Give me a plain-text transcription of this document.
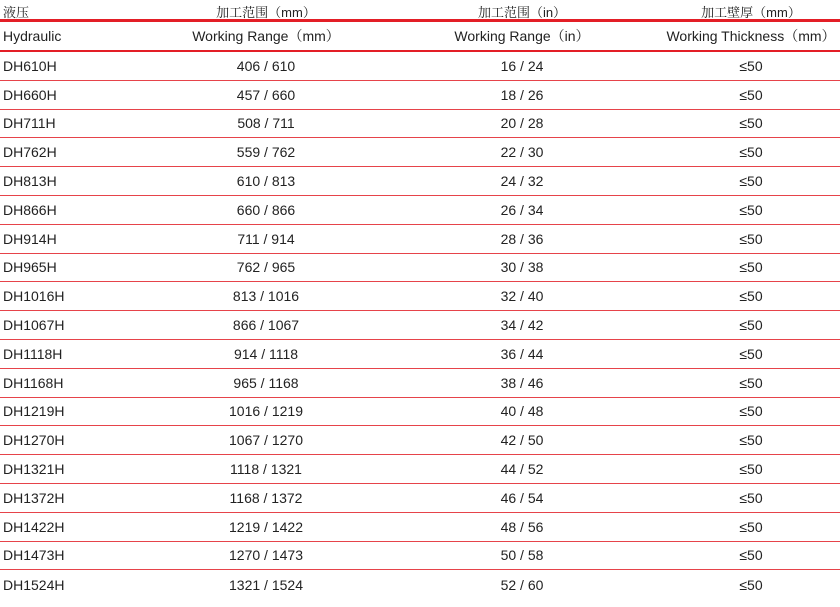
液压	加工范围（mm）	加工范围（in）	加工壁厚（mm）
Hydraulic	Working Range（mm）	Working Range（in）	Working Thickness（mm）
DH610H	406 / 610	16 / 24	≤50
DH660H	457 / 660	18 / 26	≤50
DH711H	508 / 711	20 / 28	≤50
DH762H	559 / 762	22 / 30	≤50
DH813H	610 / 813	24 / 32	≤50
DH866H	660 / 866	26 / 34	≤50
DH914H	711 / 914	28 / 36	≤50
DH965H	762 / 965	30 / 38	≤50
DH1016H	813 / 1016	32 / 40	≤50
DH1067H	866 / 1067	34 / 42	≤50
DH1118H	914 / 1118	36 / 44	≤50
DH1168H	965 / 1168	38 / 46	≤50
DH1219H	1016 / 1219	40 / 48	≤50
DH1270H	1067 / 1270	42 / 50	≤50
DH1321H	1118 / 1321	44 / 52	≤50
DH1372H	1168 / 1372	46 / 54	≤50
DH1422H	1219 / 1422	48 / 56	≤50
DH1473H	1270 / 1473	50 / 58	≤50
DH1524H	1321 / 1524	52 / 60	≤50
